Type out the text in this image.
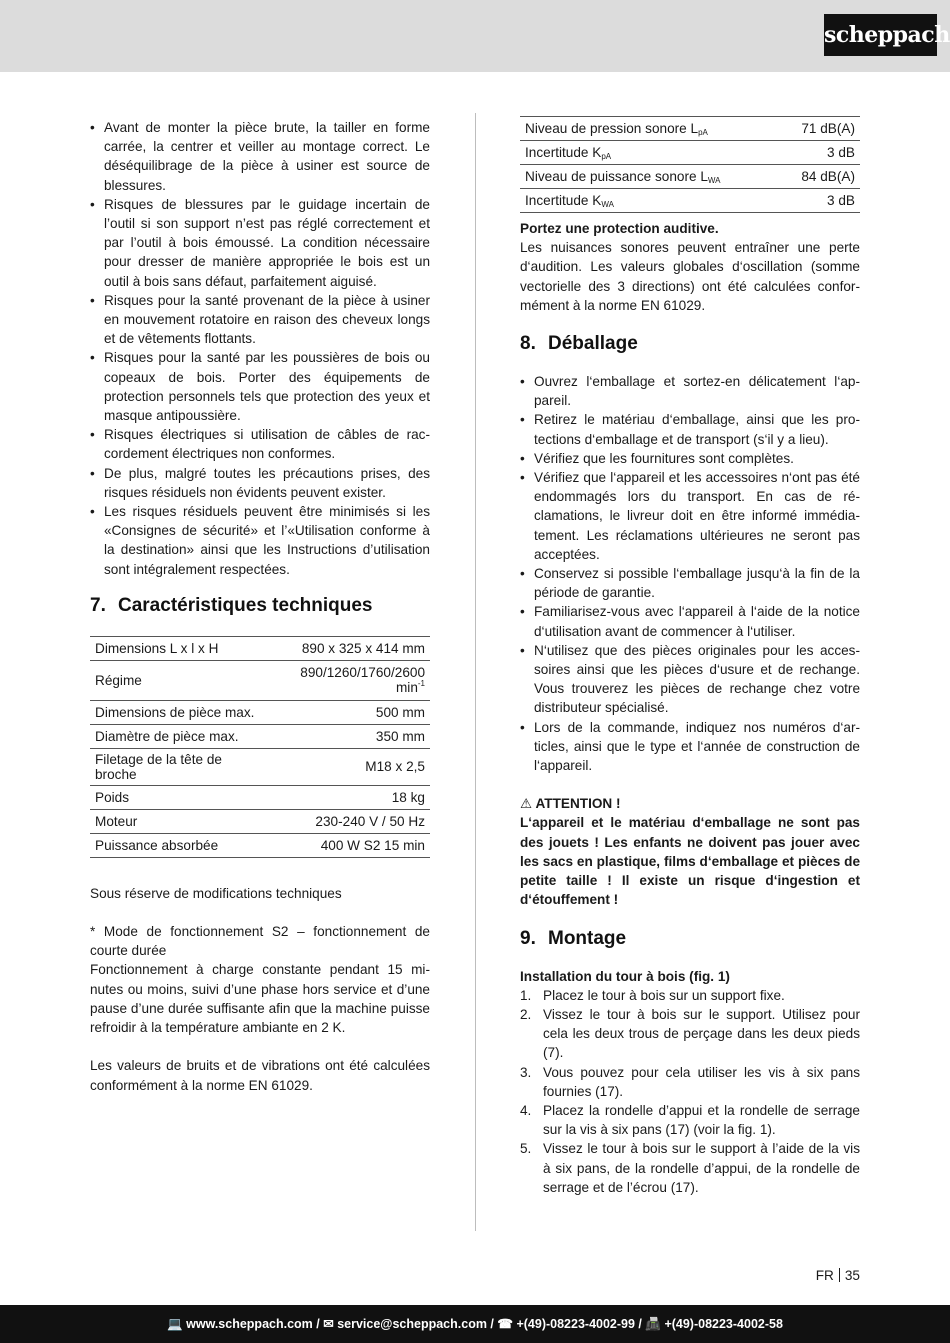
scheppach
• Avant de monter la pièce brute, la tailler en forme carrée, la centrer et veiller au montage correct. Le déséquilibrage de la pièce à usiner est source de blessures.
• Risques de blessures par le guidage incertain de l’outil si son support n’est pas réglé correctement et par l’outil à bois émoussé. La condition nécessaire pour dresser de manière appropriée le bois est un outil à bois sans défaut, parfaitement aiguisé.
• Risques pour la santé provenant de la pièce à usiner en mouvement rotatoire en raison des cheveux longs et de vêtements flottants.
• Risques pour la santé par les poussières de bois ou copeaux de bois. Porter des équipements de protection personnels tels que protection des yeux et masque antipoussière.
• Risques électriques si utilisation de câbles de raccordement électriques non conformes.
• De plus, malgré toutes les précautions prises, des risques résiduels non évidents peuvent exister.
• Les risques résiduels peuvent être minimisés si les «Consignes de sécurité» et l’«Utilisation conforme à la destination» ainsi que les Instructions d’utilisation sont intégralement respectées.
7. Caractéristiques techniques
Dimensions L x l x H	890 x 325 x 414 mm
Régime	890/1260/1760/2600
$\min^{-1}$
Dimensions de pièce max.	500 mm
Diamètre de pièce max.	350 mm
Filetage de la tête de broche	M18 x 2,5
Poids	18 kg
Moteur	230-240 V / 50 Hz
Puissance absorbée	400 W S2 15 min

Sous réserve de modifications techniques

* Mode de fonctionnement S2 – fonctionnement de courte durée

Fonctionnement à charge constante pendant 15 minutes ou moins, suivi d’une phase hors service et d’une pause d’une durée suffisante afin que la machine puisse refroidir à la température ambiante en 2 K.

Les valeurs de bruits et de vibrations ont été calculées conformément à la norme EN 61029.

Niveau de pression sonore $L_{pA}$	71 dB(A)
Incertitude $K_{pA}$	3 dB
Niveau de puissance sonore $L_{WA}$	84 dB(A)
Incertitude $K_{WA}$	3 dB

Portez une protection auditive.

Les nuisances sonores peuvent entraîner une perte d‘audition. Les valeurs globales d‘oscillation (somme vectorielle des 3 directions) ont été calculées conformément à la norme EN 61029.

8. Déballage
• Ouvrez l‘emballage et sortez-en délicatement l‘appareil.
• Retirez le matériau d‘emballage, ainsi que les protections d‘emballage et de transport (s‘il y a lieu).
• Vérifiez que les fournitures sont complètes.
• Vérifiez que l‘appareil et les accessoires n‘ont pas été endommagés lors du transport. En cas de réclamations, le livreur doit en être informé immédiatement. Les réclamations ultérieures ne seront pas acceptées.
• Conservez si possible l‘emballage jusqu‘à la fin de la période de garantie.
• Familiarisez-vous avec l‘appareil à l‘aide de la notice d‘utilisation avant de commencer à l‘utiliser.
• N‘utilisez que des pièces originales pour les accessoires ainsi que les pièces d‘usure et de rechange. Vous trouverez les pièces de rechange chez votre distributeur spécialisé.
• Lors de la commande, indiquez nos numéros d‘articles, ainsi que le type et l‘année de construction de l‘appareil.

⚠ ATTENTION !

L‘appareil et le matériau d‘emballage ne sont pas des jouets ! Les enfants ne doivent pas jouer avec les sacs en plastique, films d‘emballage et pièces de petite taille ! Il existe un risque d‘ingestion et d‘étouffement !

9. Montage

Installation du tour à bois (fig. 1)

1. Placez le tour à bois sur un support fixe.
2. Vissez le tour à bois sur le support. Utilisez pour cela les deux trous de perçage dans les deux pieds (7).
3. Vous pouvez pour cela utiliser les vis à six pans fournies (17).
4. Placez la rondelle d’appui et la rondelle de serrage sur la vis à six pans (17) (voir la fig. 1).
5. Vissez le tour à bois sur le support à l’aide de la vis à six pans, de la rondelle d’appui, de la rondelle de serrage et de l’écrou (17).
FR 35
💻 www.scheppach.com / ✉ service@scheppach.com / ☎ +(49)-08223-4002-99 / 📠 +(49)-08223-4002-58
